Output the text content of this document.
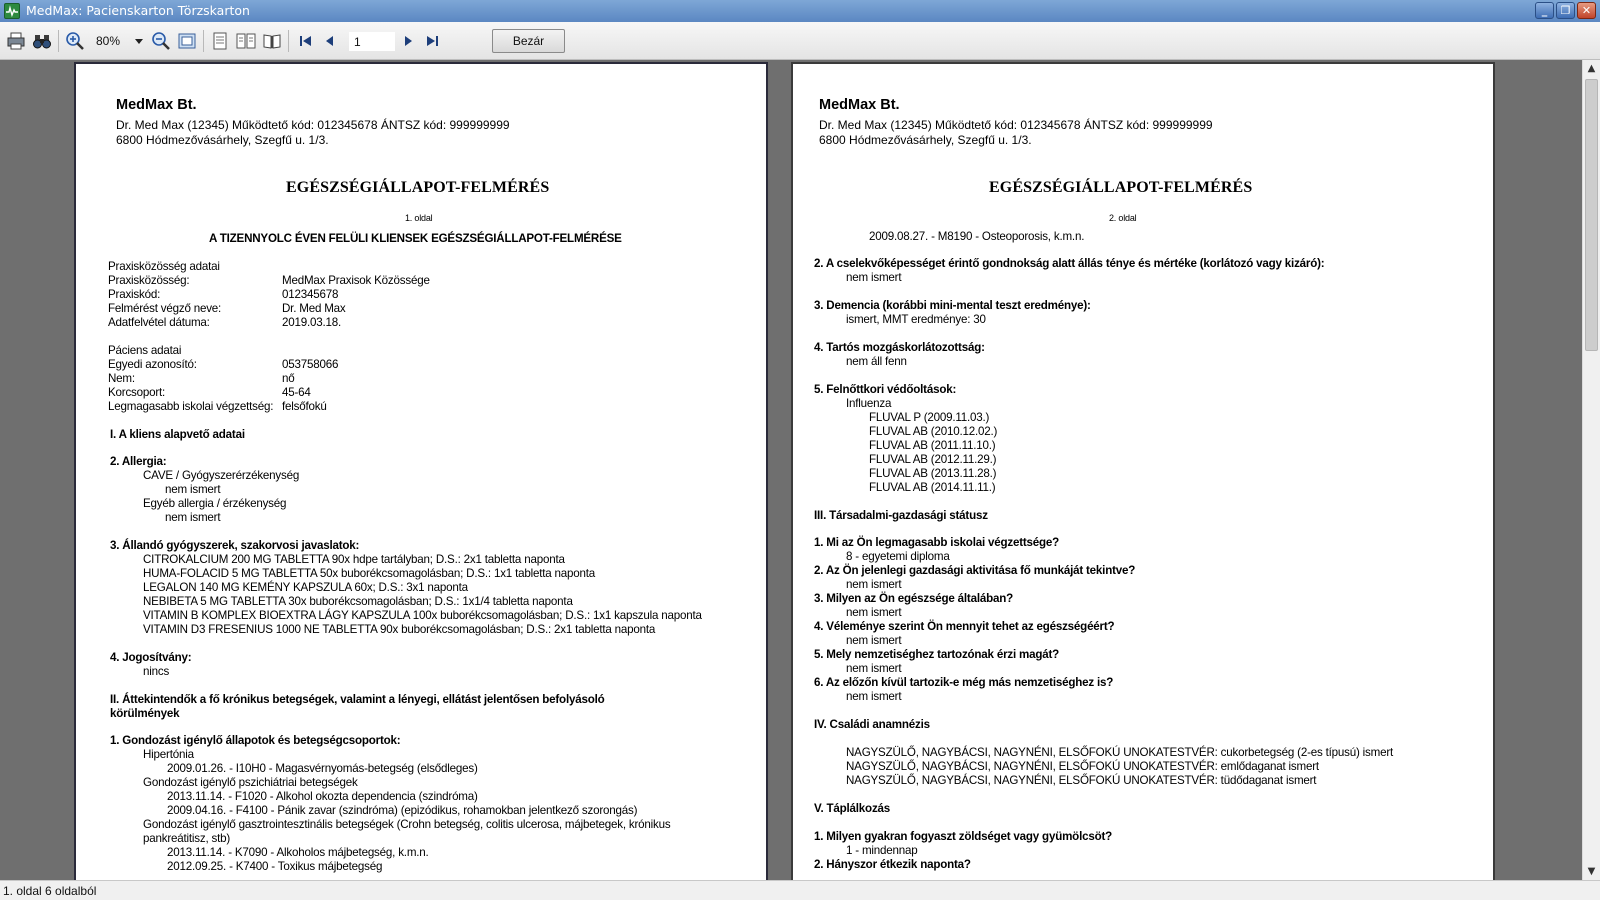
MedMax: Pacienskarton Törzskarton	_	❐	✕
80%
1	Bezár
MedMax Bt.
Dr. Med Max (12345) Működtető kód: 012345678 ÁNTSZ kód: 999999999
6800 Hódmezővásárhely, Szegfű u. 1/3.
EGÉSZSÉGIÁLLAPOT-FELMÉRÉS
1. oldal
A TIZENNYOLC ÉVEN FELÜLI KLIENSEK EGÉSZSÉGIÁLLAPOT-FELMÉRÉSE
Praxisközösség adatai
Praxisközösség:	MedMax Praxisok Közössége
Praxiskód:	012345678
Felmérést végző neve:	Dr. Med Max
Adatfelvétel dátuma:	2019.03.18.
Páciens adatai
Egyedi azonosító:	053758066
Nem:	nő
Korcsoport:	45-64
Legmagasabb iskolai végzettség: felsőfokú
I. A kliens alapvető adatai
2. Allergia:
CAVE / Gyógyszerérzékenység
nem ismert
Egyéb allergia / érzékenység
nem ismert
3. Állandó gyógyszerek, szakorvosi javaslatok:
CITROKALCIUM 200 MG TABLETTA 90x hdpe tartályban; D.S.: 2x1 tabletta naponta
HUMA-FOLACID 5 MG TABLETTA 50x buborékcsomagolásban; D.S.: 1x1 tabletta naponta
LEGALON 140 MG KEMÉNY KAPSZULA 60x; D.S.: 3x1 naponta
NEBIBETA 5 MG TABLETTA 30x buborékcsomagolásban; D.S.: 1x1/4 tabletta naponta
VITAMIN B KOMPLEX BIOEXTRA LÁGY KAPSZULA 100x buborékcsomagolásban; D.S.: 1x1 kapszula naponta
VITAMIN D3 FRESENIUS 1000 NE TABLETTA 90x buborékcsomagolásban; D.S.: 2x1 tabletta naponta
4. Jogosítvány:
nincs
II. Áttekintendők a fő krónikus betegségek, valamint a lényegi, ellátást jelentősen befolyásoló
körülmények
1. Gondozást igénylő állapotok és betegségcsoportok:
Hipertónia
2009.01.26. - I10H0 - Magasvérnyomás-betegség (elsődleges)
Gondozást igénylő pszichiátriai betegségek
2013.11.14. - F1020 - Alkohol okozta dependencia (szindróma)
2009.04.16. - F4100 - Pánik zavar (szindróma) (epizódikus, rohamokban jelentkező szorongás)
Gondozást igénylő gasztrointesztinális betegségek (Crohn betegség, colitis ulcerosa, májbetegek, krónikus
pankreátitisz, stb)
2013.11.14. - K7090 - Alkoholos májbetegség, k.m.n.
2012.09.25. - K7400 - Toxikus májbetegség
MedMax Bt.
Dr. Med Max (12345) Működtető kód: 012345678 ÁNTSZ kód: 999999999
6800 Hódmezővásárhely, Szegfű u. 1/3.
EGÉSZSÉGIÁLLAPOT-FELMÉRÉS
2. oldal
2009.08.27. - M8190 - Osteoporosis, k.m.n.
2. A cselekvőképességet érintő gondnokság alatt állás ténye és mértéke (korlátozó vagy kizáró):
nem ismert
3. Demencia (korábbi mini-mental teszt eredménye):
ismert, MMT eredménye: 30
4. Tartós mozgáskorlátozottság:
nem áll fenn
5. Felnőttkori védőoltások:
Influenza
FLUVAL P (2009.11.03.)
FLUVAL AB (2010.12.02.)
FLUVAL AB (2011.11.10.)
FLUVAL AB (2012.11.29.)
FLUVAL AB (2013.11.28.)
FLUVAL AB (2014.11.11.)
III. Társadalmi-gazdasági státusz
1. Mi az Ön legmagasabb iskolai végzettsége?
8 - egyetemi diploma
2. Az Ön jelenlegi gazdasági aktivitása fő munkáját tekintve?
nem ismert
3. Milyen az Ön egészsége általában?
nem ismert
4. Véleménye szerint Ön mennyit tehet az egészségéért?
nem ismert
5. Mely nemzetiséghez tartozónak érzi magát?
nem ismert
6. Az előzőn kívül tartozik-e még más nemzetiséghez is?
nem ismert
IV. Családi anamnézis
NAGYSZÜLŐ, NAGYBÁCSI, NAGYNÉNI, ELSŐFOKÚ UNOKATESTVÉR: cukorbetegség (2-es típusú) ismert
NAGYSZÜLŐ, NAGYBÁCSI, NAGYNÉNI, ELSŐFOKÚ UNOKATESTVÉR: emlődaganat ismert
NAGYSZÜLŐ, NAGYBÁCSI, NAGYNÉNI, ELSŐFOKÚ UNOKATESTVÉR: tüdődaganat ismert
V. Táplálkozás
1. Milyen gyakran fogyaszt zöldséget vagy gyümölcsöt?
1 - mindennap
2. Hányszor étkezik naponta?
▲
▼
1. oldal 6 oldalból
